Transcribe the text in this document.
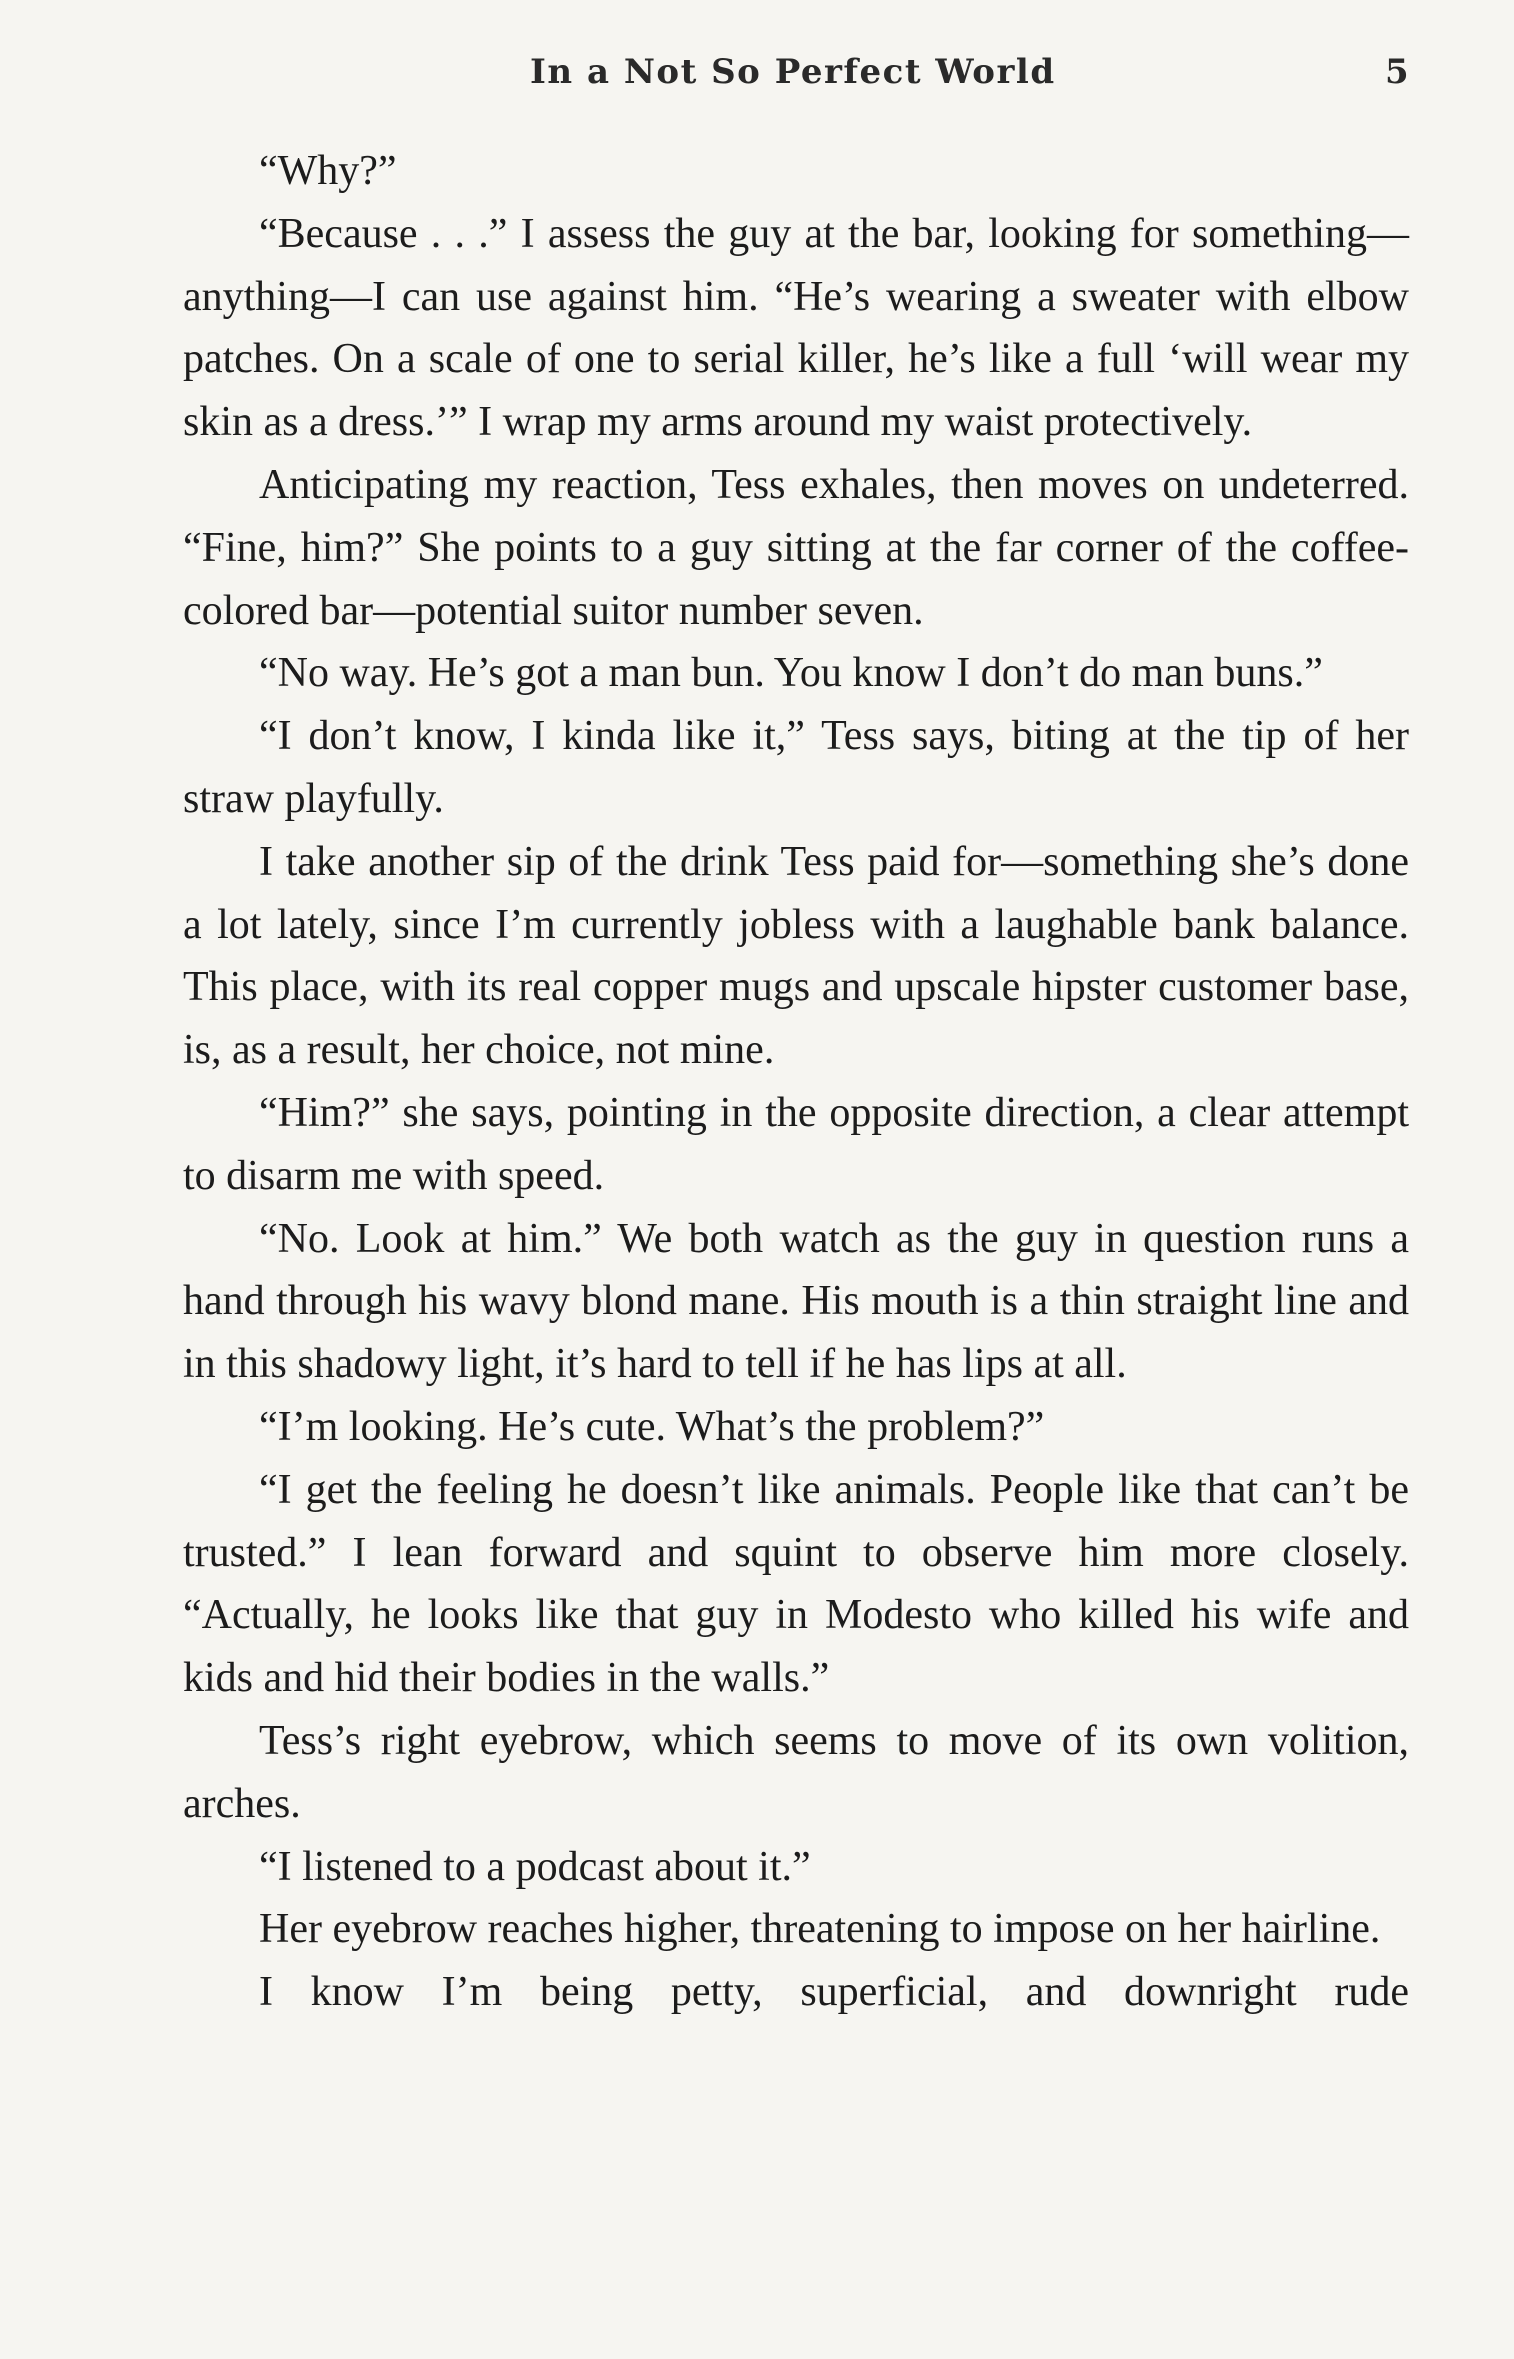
In a Not So Perfect World	5

“Why?”

“Because . . .” I assess the guy at the bar, looking for something—anything—I can use against him. “He’s wearing a sweater with elbow patches. On a scale of one to serial killer, he’s like a full ‘will wear my skin as a dress.’” I wrap my arms around my waist protectively.

Anticipating my reaction, Tess exhales, then moves on undeterred. “Fine, him?” She points to a guy sitting at the far corner of the coffee-colored bar—potential suitor number seven.

“No way. He’s got a man bun. You know I don’t do man buns.”

“I don’t know, I kinda like it,” Tess says, biting at the tip of her straw playfully.

I take another sip of the drink Tess paid for—something she’s done a lot lately, since I’m currently jobless with a laughable bank balance. This place, with its real copper mugs and upscale hipster customer base, is, as a result, her choice, not mine.

“Him?” she says, pointing in the opposite direction, a clear attempt to disarm me with speed.

“No. Look at him.” We both watch as the guy in question runs a hand through his wavy blond mane. His mouth is a thin straight line and in this shadowy light, it’s hard to tell if he has lips at all.

“I’m looking. He’s cute. What’s the problem?”

“I get the feeling he doesn’t like animals. People like that can’t be trusted.” I lean forward and squint to observe him more closely. “Actually, he looks like that guy in Modesto who killed his wife and kids and hid their bodies in the walls.”

Tess’s right eyebrow, which seems to move of its own volition, arches.

“I listened to a podcast about it.”

Her eyebrow reaches higher, threatening to impose on her hairline.

I know I’m being petty, superficial, and downright rude
